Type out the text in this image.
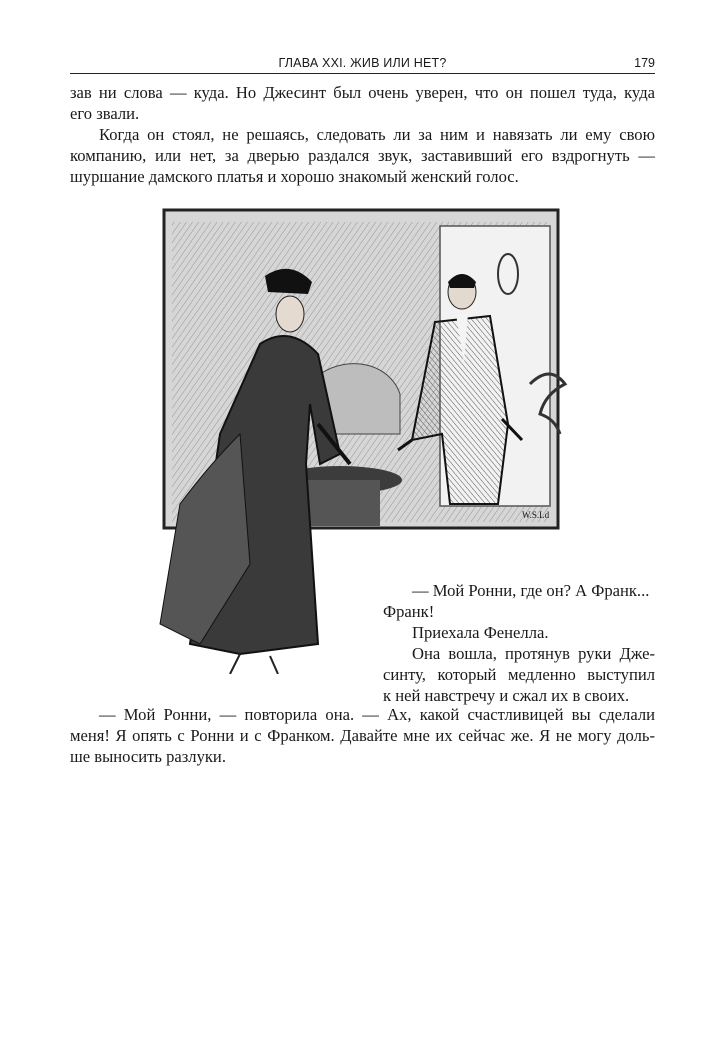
ГЛАВА XXI. ЖИВ ИЛИ НЕТ?	179
зав ни слова — куда. Но Джесинт был очень уверен, что он пошел туда, куда
его звали.
Когда он стоял, не решаясь, следовать ли за ним и навязать ли ему свою
компанию, или нет, за дверью раздался звук, заставивший его вздрогнуть —
шуршание дамского платья и хорошо знакомый женский голос.
W.S.Ld
— Мой Ронни, где он? А Франк...
Франк!
Приехала Фенелла.
Она вошла, протянув руки Дже-
синту, который медленно выступил
к ней навстречу и сжал их в своих.
— Мой Ронни, — повторила она. — Ах, какой счастливицей вы сделали
меня! Я опять с Ронни и с Франком. Давайте мне их сейчас же. Я не могу доль-
ше выносить разлуки.
